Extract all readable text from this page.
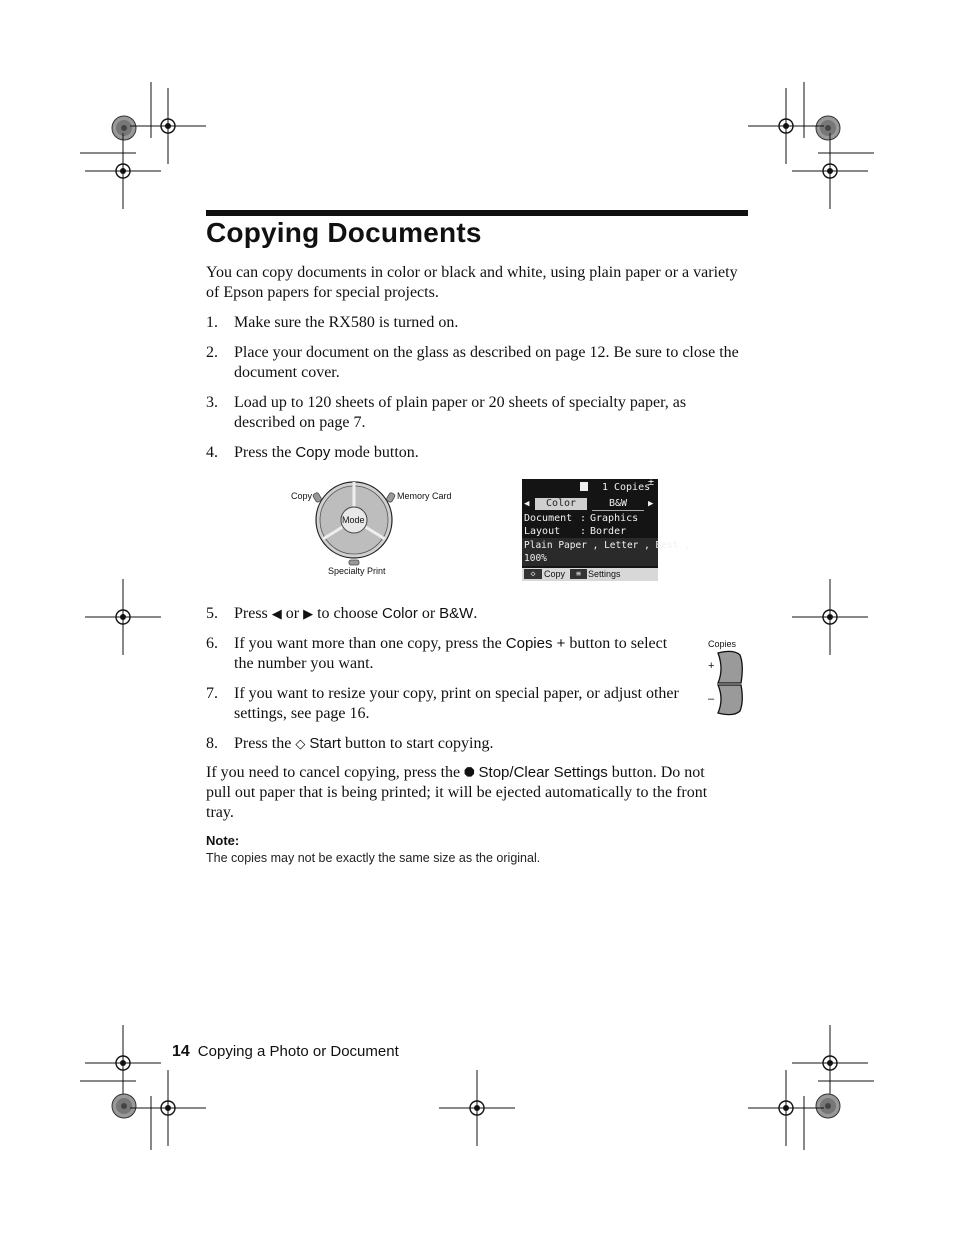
Copying Documents
You can copy documents in color or black and white, using plain paper or a variety of Epson papers for special projects.
1.	Make sure the RX580 is turned on.
2.	Place your document on the glass as described on page 12. Be sure to close the
document cover.
3.	Load up to 120 sheets of plain paper or 20 sheets of specialty paper, as
described on page 7.
4.	Press the Copy mode button.
Copy	Memory Card
Mode
Specialty Print
1 Copies
±
◀	Color	B&W	▶
Document : Graphics
Layout : Border
Plain Paper , Letter , Best ,
100%
◇ Copy	≡ Settings
5.	Press ◀ or ▶ to choose Color or B&W.
6.	If you want more than one copy, press the Copies + button to select
the number you want.
7.	If you want to resize your copy, print on special paper, or adjust other
settings, see page 16.
Copies
+
–
8.	Press the ◇ Start button to start copying.
If you need to cancel copying, press the ⯃ Stop/Clear Settings button. Do not
pull out paper that is being printed; it will be ejected automatically to the front
tray.
Note:
The copies may not be exactly the same size as the original.
14 Copying a Photo or Document
